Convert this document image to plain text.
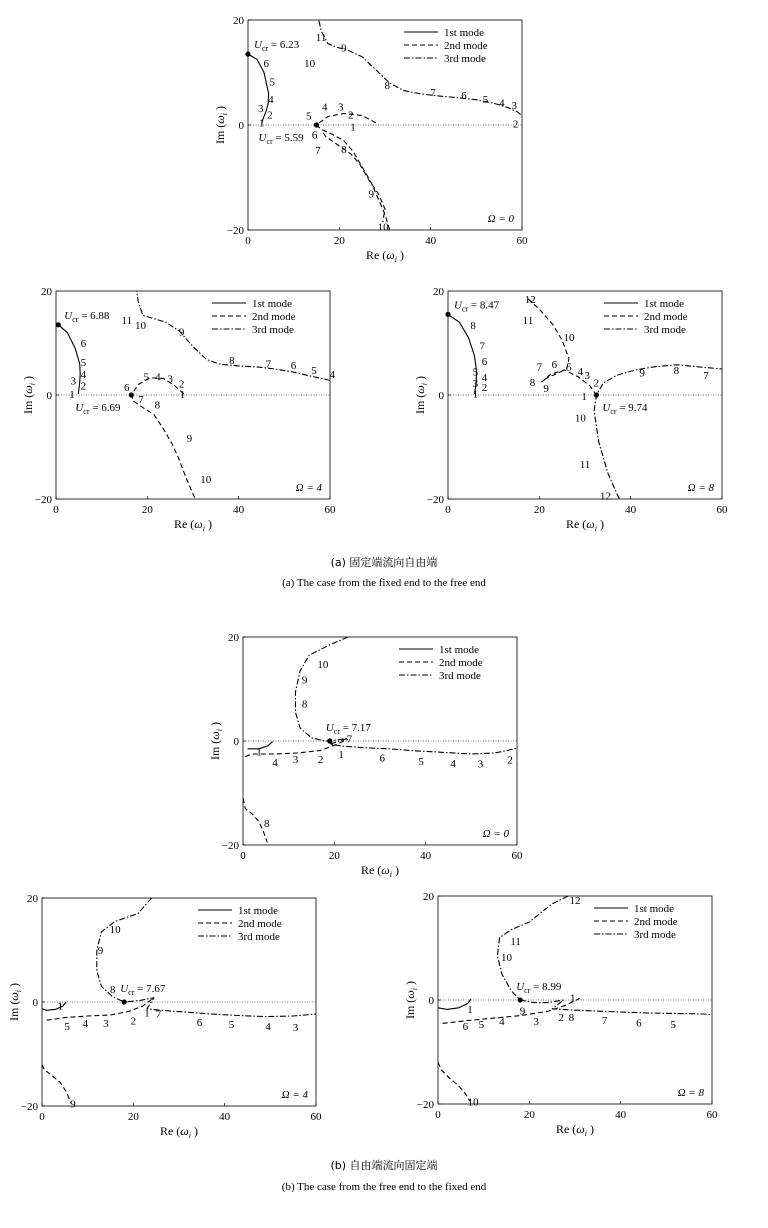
0	20	40	60
−20
0
20
Re ($\omega_i$ )
Im ($\omega_i$ )
$U_{cr} = 6.23$
$U_{cr} = 5.59$
6
5
4
3
2
1
5
4 3
2
1
6
7 8
9
10
11
9
10
8
7 6 5 4 3
2
1st mode
2nd mode
3rd mode
Ω = 0
0	20	40	60
−20
0
20
Re ($\omega_i$ )
Im ($\omega_i$ )
$U_{cr} = 6.88$
$U_{cr} = 6.69$
6
5
4
3 2
1
6
5 4 3 2
1
7 8
9
10
11 10
9
8	7 6 5 4
1st mode
2nd mode
3rd mode
Ω = 4
0	20	40	60
−20
0
20
Re ($\omega_i$ )
Im ($\omega_i$ )
$U_{cr} = 8.47$
$U_{cr} = 9.74$
8
7
6
5 4
3 2
1
12
11
10
7 6 5 4 3
2
8
9
1
10
11
12
9	8 7
1st mode
2nd mode
3rd mode
Ω = 8
0	20	40	60
−20
0
20
Re ($\omega_i$ )
Im ($\omega_i$ )	$U_{cr} = 7.17$
10
9
8
7
1
4 3 2 1	6	5 4 3 2
8
1st mode
2nd mode
3rd mode
Ω = 0
0	20	40	60
−20
0
20
Re ($\omega_i$ )
Im ($\omega_i$ )	$U_{cr} = 7.67$
10
9
8
1 7
1
5 4 3 2	6 5	4 3
9
1st mode
2nd mode
3rd mode
Ω = 4
0	20	40	60
−20
0
20
Re ($\omega_i$ )
Im ($\omega_i$ )	$U_{cr} = 8.99$
12
11
10
9
1
1
6 5 4	3 2 8	7	6	5
10
1st mode
2nd mode
3rd mode
Ω = 8
(a) 固定端流向自由端
(a) The case from the fixed end to the free end
(b) 自由端流向固定端
(b) The case from the free end to the fixed end
